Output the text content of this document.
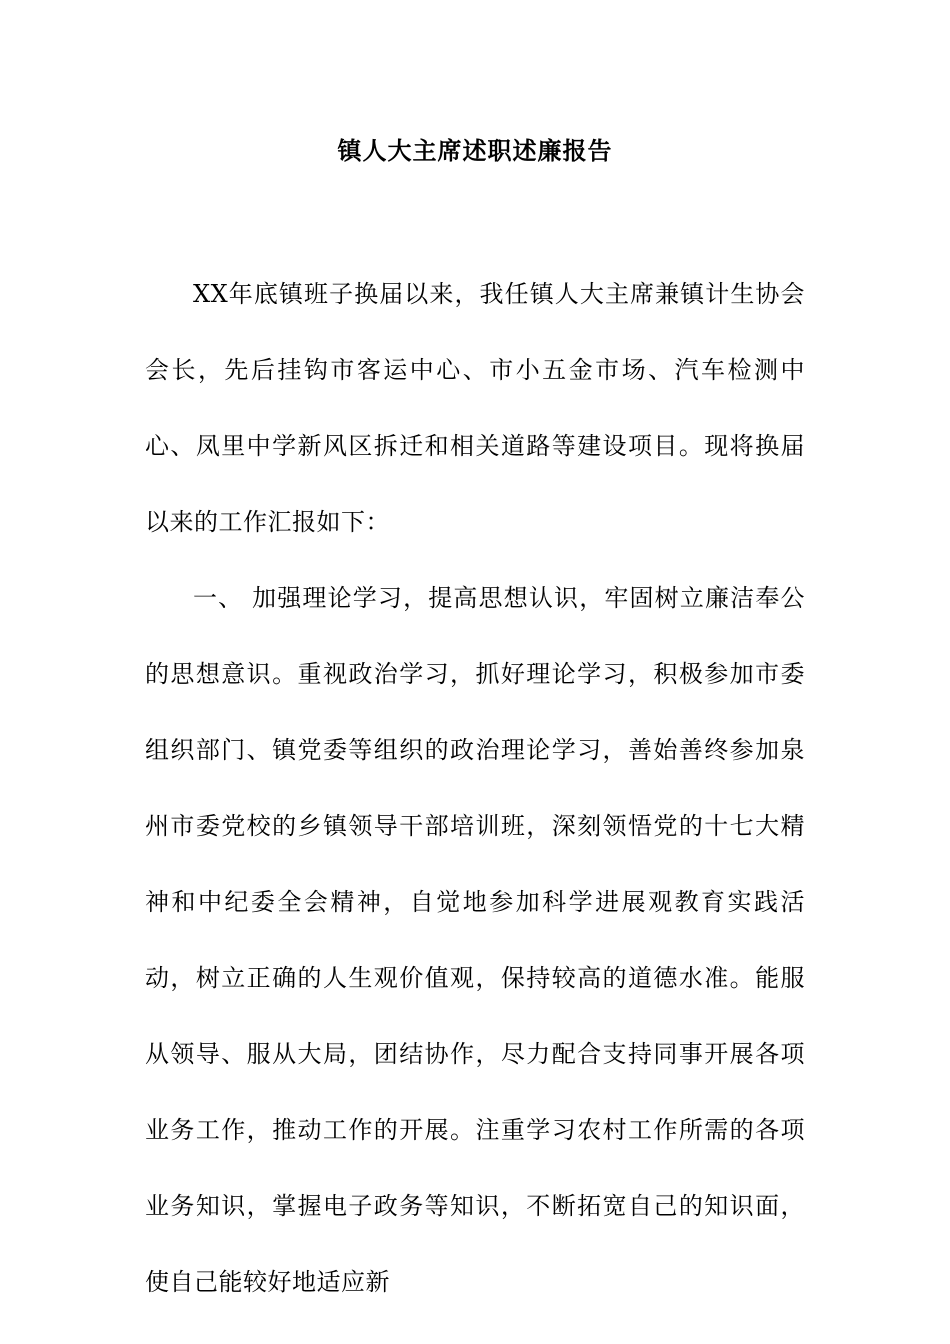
镇人大主席述职述廉报告

XX年底镇班子换届以来，我任镇人大主席兼镇计生协会会长，先后挂钩市客运中心、市小五金市场、汽车检测中心、凤里中学新风区拆迁和相关道路等建设项目。现将换届以来的工作汇报如下：

一、 加强理论学习，提高思想认识，牢固树立廉洁奉公的思想意识。重视政治学习，抓好理论学习，积极参加市委组织部门、镇党委等组织的政治理论学习，善始善终参加泉州市委党校的乡镇领导干部培训班，深刻领悟党的十七大精神和中纪委全会精神，自觉地参加科学进展观教育实践活动，树立正确的人生观价值观，保持较高的道德水准。能服从领导、服从大局，团结协作，尽力配合支持同事开展各项业务工作，推动工作的开展。注重学习农村工作所需的各项业务知识，掌握电子政务等知识，不断拓宽自己的知识面，使自己能较好地适应新
